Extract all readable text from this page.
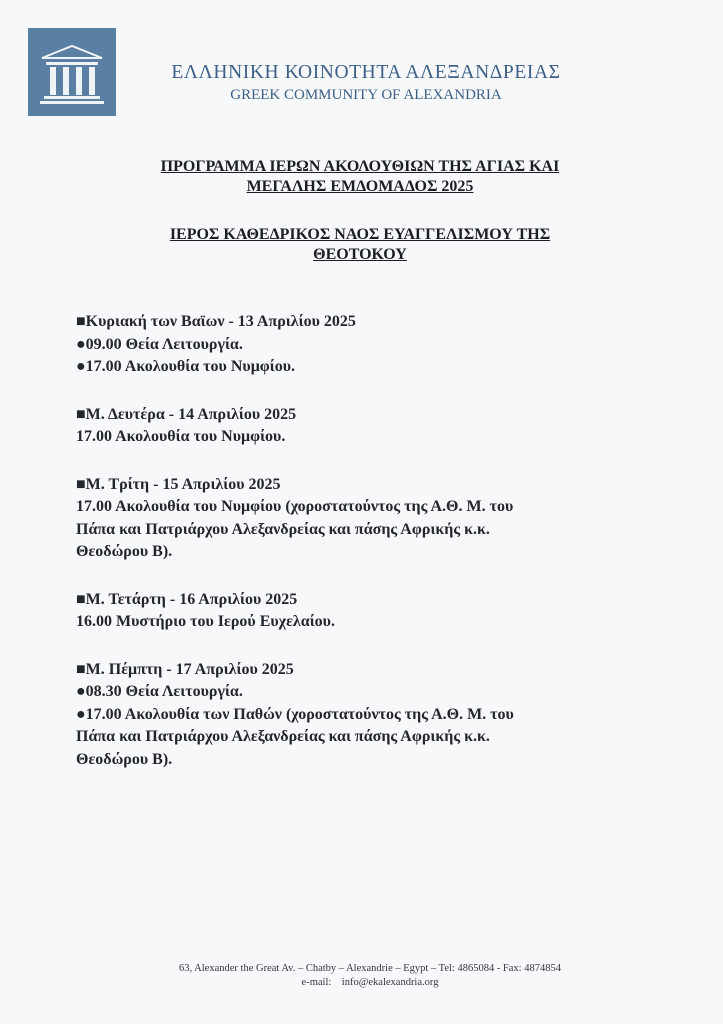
ΕΛΛΗΝΙΚΗ ΚΟΙΝΟΤΗΤΑ ΑΛΕΞΑΝΔΡΕΙΑΣ
GREEK COMMUNITY OF ALEXANDRIA
ΠΡΟΓΡΑΜΜΑ ΙΕΡΩΝ ΑΚΟΛΟΥΘΙΩΝ ΤΗΣ ΑΓΙΑΣ ΚΑΙ
ΜΕΓΑΛΗΣ ΕΜΔΟΜΑΔΟΣ 2025
ΙΕΡΟΣ ΚΑΘΕΔΡΙΚΟΣ ΝΑΟΣ ΕΥΑΓΓΕΛΙΣΜΟΥ ΤΗΣ
ΘΕΟΤΟΚΟΥ
■Κυριακή των Βαϊων - 13 Απριλίου 2025
●09.00 Θεία Λειτουργία.
●17.00 Ακολουθία του Νυμφίου.
■Μ. Δευτέρα - 14 Απριλίου 2025
17.00 Ακολουθία του Νυμφίου.
■Μ. Τρίτη - 15 Απριλίου 2025
17.00 Ακολουθία του Νυμφίου (χοροστατούντος της Α.Θ. Μ. του
Πάπα και Πατριάρχου Αλεξανδρείας και πάσης Αφρικής κ.κ.
Θεοδώρου Β).
■Μ. Τετάρτη - 16 Απριλίου 2025
16.00 Μυστήριο του Ιερού Ευχελαίου.
■Μ. Πέμπτη - 17 Απριλίου 2025
●08.30 Θεία Λειτουργία.
●17.00 Ακολουθία των Παθών (χοροστατούντος της Α.Θ. Μ. του
Πάπα και Πατριάρχου Αλεξανδρείας και πάσης Αφρικής κ.κ.
Θεοδώρου Β).
63, Alexander the Great Av. – Chatby – Alexandrie – Egypt – Tel: 4865084 - Fax: 4874854
e-mail: info@ekalexandria.org
